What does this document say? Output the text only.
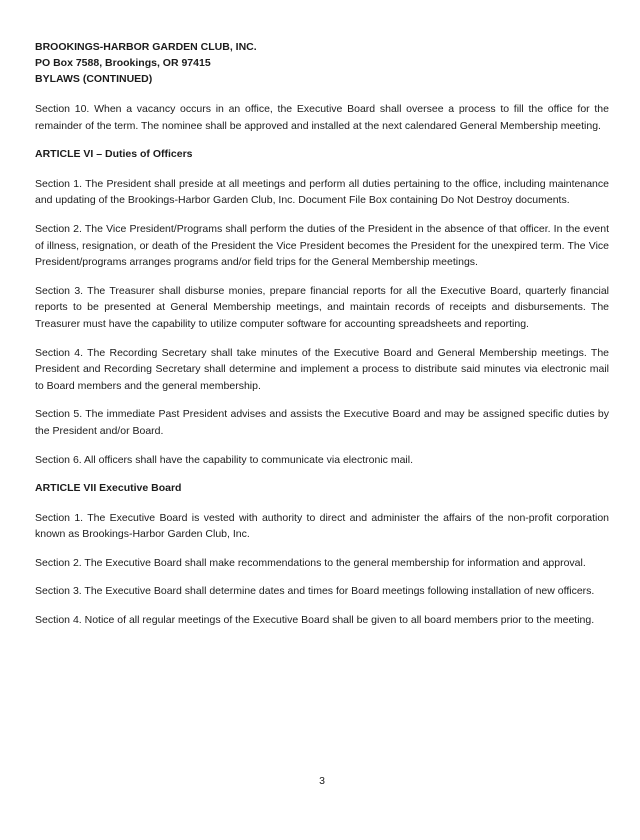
BROOKINGS-HARBOR GARDEN CLUB, INC.
PO Box 7588, Brookings, OR 97415
BYLAWS (CONTINUED)

Section 10. When a vacancy occurs in an office, the Executive Board shall oversee a process to fill the office for the remainder of the term. The nominee shall be approved and installed at the next calendared General Membership meeting.

ARTICLE VI – Duties of Officers

Section 1. The President shall preside at all meetings and perform all duties pertaining to the office, including maintenance and updating of the Brookings-Harbor Garden Club, Inc. Document File Box containing Do Not Destroy documents.

Section 2. The Vice President/Programs shall perform the duties of the President in the absence of that officer. In the event of illness, resignation, or death of the President the Vice President becomes the President for the unexpired term. The Vice President/programs arranges programs and/or field trips for the General Membership meetings.

Section 3. The Treasurer shall disburse monies, prepare financial reports for all the Executive Board, quarterly financial reports to be presented at General Membership meetings, and maintain records of receipts and disbursements. The Treasurer must have the capability to utilize computer software for accounting spreadsheets and reporting.

Section 4. The Recording Secretary shall take minutes of the Executive Board and General Membership meetings. The President and Recording Secretary shall determine and implement a process to distribute said minutes via electronic mail to Board members and the general membership.

Section 5. The immediate Past President advises and assists the Executive Board and may be assigned specific duties by the President and/or Board.

Section 6. All officers shall have the capability to communicate via electronic mail.

ARTICLE VII Executive Board

Section 1. The Executive Board is vested with authority to direct and administer the affairs of the non-profit corporation known as Brookings-Harbor Garden Club, Inc.

Section 2. The Executive Board shall make recommendations to the general membership for information and approval.

Section 3. The Executive Board shall determine dates and times for Board meetings following installation of new officers.

Section 4. Notice of all regular meetings of the Executive Board shall be given to all board members prior to the meeting.

3
